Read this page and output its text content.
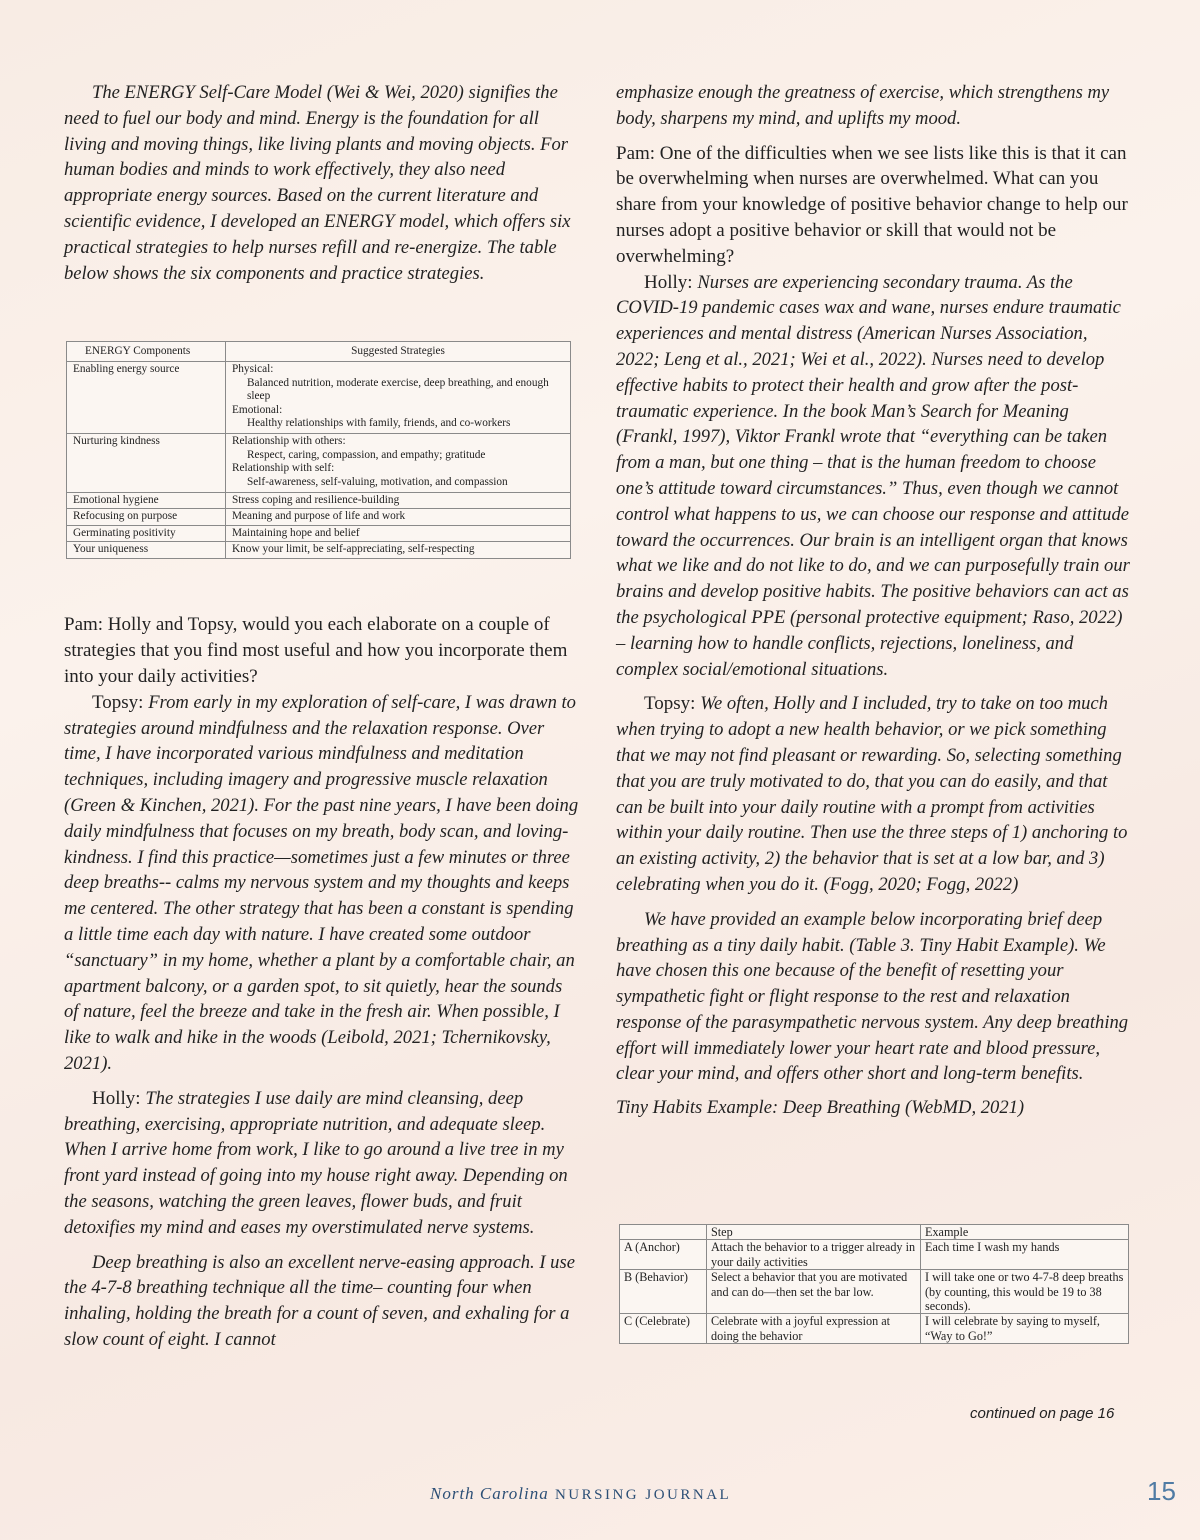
The ENERGY Self-Care Model (Wei & Wei, 2020) signifies the need to fuel our body and mind. Energy is the foundation for all living and moving things, like living plants and moving objects. For human bodies and minds to work effectively, they also need appropriate energy sources. Based on the current literature and scientific evidence, I developed an ENERGY model, which offers six practical strategies to help nurses refill and re-energize. The table below shows the six components and practice strategies.

Pam: Holly and Topsy, would you each elaborate on a couple of strategies that you find most useful and how you incorporate them into your daily activities?

Topsy: From early in my exploration of self-care, I was drawn to strategies around mindfulness and the relaxation response. Over time, I have incorporated various mindfulness and meditation techniques, including imagery and progressive muscle relaxation (Green & Kinchen, 2021). For the past nine years, I have been doing daily mindfulness that focuses on my breath, body scan, and loving-kindness. I find this practice—sometimes just a few minutes or three deep breaths-- calms my nervous system and my thoughts and keeps me centered. The other strategy that has been a constant is spending a little time each day with nature. I have created some outdoor “sanctuary” in my home, whether a plant by a comfortable chair, an apartment balcony, or a garden spot, to sit quietly, hear the sounds of nature, feel the breeze and take in the fresh air. When possible, I like to walk and hike in the woods (Leibold, 2021; Tchernikovsky, 2021).

Holly: The strategies I use daily are mind cleansing, deep breathing, exercising, appropriate nutrition, and adequate sleep. When I arrive home from work, I like to go around a live tree in my front yard instead of going into my house right away. Depending on the seasons, watching the green leaves, flower buds, and fruit detoxifies my mind and eases my overstimulated nerve systems.

Deep breathing is also an excellent nerve-easing approach. I use the 4-7-8 breathing technique all the time– counting four when inhaling, holding the breath for a count of seven, and exhaling for a slow count of eight. I cannot

ENERGY Components	Suggested Strategies
Enabling energy source	Physical:
Balanced nutrition, moderate exercise, deep breathing, and enough sleep
Emotional:
Healthy relationships with family, friends, and co-workers

Nurturing kindness	Relationship with others:
Respect, caring, compassion, and empathy; gratitude
Relationship with self:
Self-awareness, self-valuing, motivation, and compassion

Emotional hygiene	Stress coping and resilience-building

Refocusing on purpose	Meaning and purpose of life and work

Germinating positivity	Maintaining hope and belief

Your uniqueness	Know your limit, be self-appreciating, self-respecting

emphasize enough the greatness of exercise, which strengthens my body, sharpens my mind, and uplifts my mood.

Pam: One of the difficulties when we see lists like this is that it can be overwhelming when nurses are overwhelmed. What can you share from your knowledge of positive behavior change to help our nurses adopt a positive behavior or skill that would not be overwhelming?

Holly: Nurses are experiencing secondary trauma. As the COVID-19 pandemic cases wax and wane, nurses endure traumatic experiences and mental distress (American Nurses Association, 2022; Leng et al., 2021; Wei et al., 2022). Nurses need to develop effective habits to protect their health and grow after the post-traumatic experience. In the book Man’s Search for Meaning (Frankl, 1997), Viktor Frankl wrote that “everything can be taken from a man, but one thing – that is the human freedom to choose one’s attitude toward circumstances.” Thus, even though we cannot control what happens to us, we can choose our response and attitude toward the occurrences. Our brain is an intelligent organ that knows what we like and do not like to do, and we can purposefully train our brains and develop positive habits. The positive behaviors can act as the psychological PPE (personal protective equipment; Raso, 2022) – learning how to handle conflicts, rejections, loneliness, and complex social/emotional situations.

Topsy: We often, Holly and I included, try to take on too much when trying to adopt a new health behavior, or we pick something that we may not find pleasant or rewarding. So, selecting something that you are truly motivated to do, that you can do easily, and that can be built into your daily routine with a prompt from activities within your daily routine. Then use the three steps of 1) anchoring to an existing activity, 2) the behavior that is set at a low bar, and 3) celebrating when you do it. (Fogg, 2020; Fogg, 2022)

We have provided an example below incorporating brief deep breathing as a tiny daily habit. (Table 3. Tiny Habit Example). We have chosen this one because of the benefit of resetting your sympathetic fight or flight response to the rest and relaxation response of the parasympathetic nervous system. Any deep breathing effort will immediately lower your heart rate and blood pressure, clear your mind, and offers other short and long-term benefits.

Tiny Habits Example: Deep Breathing (WebMD, 2021)

	Step	Example
A (Anchor)	Attach the behavior to a trigger already in your daily activities	Each time I wash my hands
B (Behavior)	Select a behavior that you are motivated and can do—then set the bar low.	I will take one or two 4-7-8 deep breaths (by counting, this would be 19 to 38 seconds).
C (Celebrate)	Celebrate with a joyful expression at doing the behavior	I will celebrate by saying to myself, “Way to Go!”
continued on page 16
North Carolina NURSING JOURNAL	15
